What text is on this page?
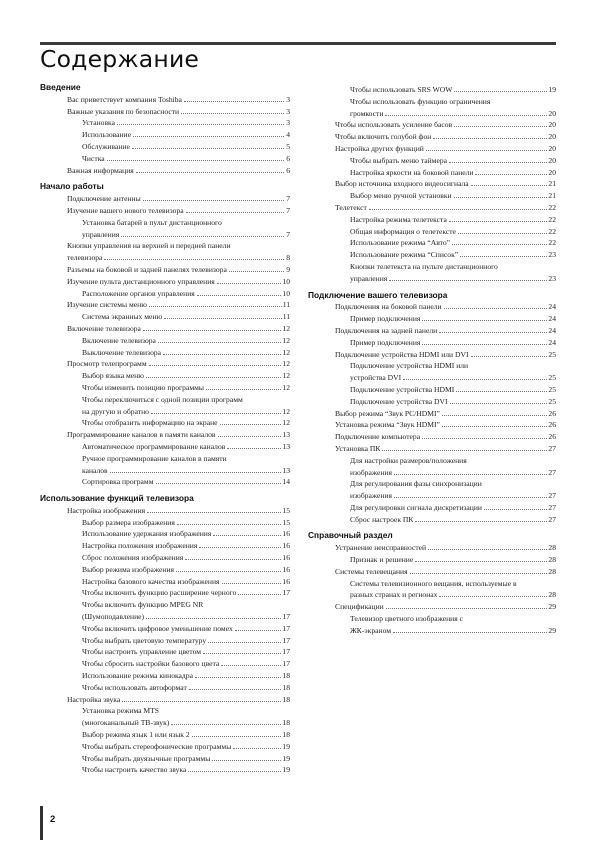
Содержание
Введение
Вас приветствует компания Toshiba	3
Важные указания по безопасности	3
Установка	3
Использование	4
Обслуживание	5
Чистка	6
Важная информация	6
Начало работы
Подключение антенны	7
Изучение вашего нового телевизора	7
Установка батарей в пульт дистанционного
управления	7
Кнопки управления на верхней и передней панели
телевизора	8
Разъемы на боковой и задней панелях телевизора	9
Изучение пульта дистанционного управления	10
Расположение органов управления	10
Изучение системы меню	11
Система экранных меню	11
Включение телевизора	12
Включение телевизора	12
Выключение телевизора	12
Просмотр телепрограмм	12
Выбор языка меню	12
Чтобы изменить позицию программы	12
Чтобы переключиться с одной позиции программ
на другую и обратно	12
Чтобы отобразить информацию на экране	12
Программирование каналов в памяти каналов	13
Автоматическое программирование каналов	13
Ручное программирование каналов в памяти
каналов	13
Сортировка программ	14
Использование функций телевизора
Настройка изображения	15
Выбор размера изображения	15
Использование удержания изображения	16
Настройка положения изображения	16
Сброс положения изображения	16
Выбор режима изображения	16
Настройка базового качества изображения	16
Чтобы включить функцию расширение черного	17
Чтобы включить функцию MPEG NR
(Шумоподавление)	17
Чтобы включить цифровое уменьшение помех	17
Чтобы выбрать цветовую температуру	17
Чтобы настроить управление цветом	17
Чтобы сбросить настройки базового цвета	17
Использование режима кинокадра	18
Чтобы использовать автоформат	18
Настройка звука	18
Установка режима MTS
(многоканальный ТВ-звук)	18
Выбор режима язык 1 или язык 2	18
Чтобы выбрать стереофонические программы	19
Чтобы выбрать двуязычные программы	19
Чтобы настроить качество звука	19
Чтобы использовать SRS WOW	19
Чтобы использовать функцию ограничения
громкости	20
Чтобы использовать усиление басов	20
Чтобы включить голубой фон	20
Настройка других функций	20
Чтобы выбрать меню таймера	20
Настройка яркости на боковой панели	20
Выбор источника входного видеосигнала	21
Выбор меню ручной установки	21
Телетекст	22
Настройка режима телетекста	22
Общая информация о телетексте	22
Использование режима “Авто”	22
Использование режима “Список”	23
Кнопки телетекста на пульте дистанционного
управления	23
Подключение вашего телевизора
Подключения на боковой панели	24
Пример подключения	24
Подключения на задней панели	24
Пример подключения	24
Подключение устройства HDMI или DVI	25
Подключение устройства HDMI или
устройства DVI	25
Подключение устройства HDMI	25
Подключение устройства DVI	25
Выбор режима “Звук PC/HDMI”	26
Установка режима “Звук HDMI”	26
Подключение компьютера	26
Установка ПК	27
Для настройки размеров/положения
изображения	27
Для регулирования фазы синхронизации
изображения	27
Для регулировки сигнала дискретизации	27
Сброс настроек ПК	27
Справочный раздел
Устранение неисправностей	28
Признак и решение	28
Системы телевещания	28
Системы телевизионного вещания, используемые в
разных странах и регионах	28
Спецификации	29
Телевизор цветного изображения с
ЖК-экраном	29
2
